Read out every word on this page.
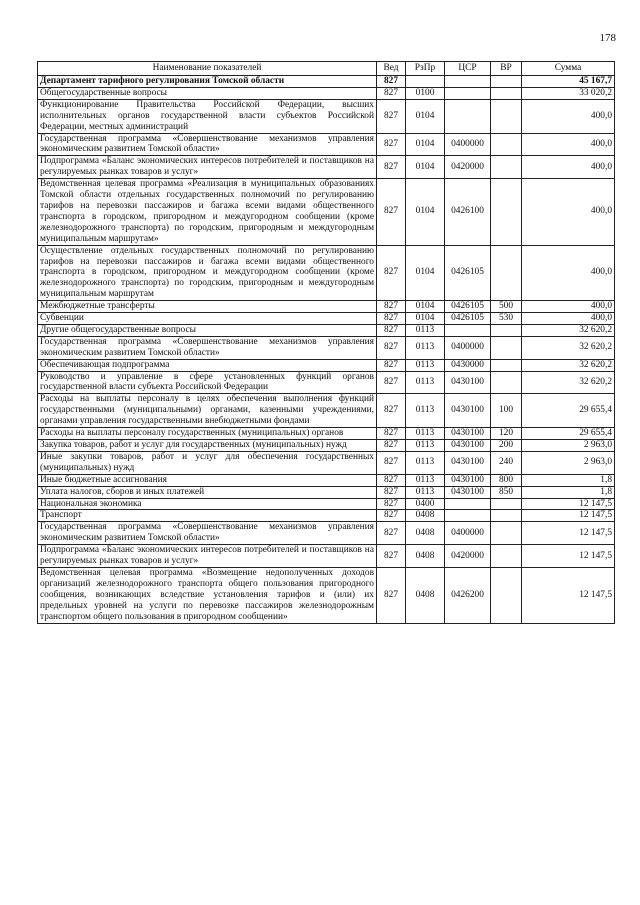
178
Наименование показателей	Вед	РзПр	ЦСР	ВР	Сумма
Департамент тарифного регулирования Томской области	827				45 167,7
Общегосударственные вопросы	827	0100			33 020,2
Функционирование Правительства Российской Федерации, высших исполнительных органов государственной власти субъектов Российской Федерации, местных администраций	827	0104			400,0
Государственная программа «Совершенствование механизмов управления экономическим развитием Томской области»	827	0104	0400000		400,0
Подпрограмма «Баланс экономических интересов потребителей и поставщиков на регулируемых рынках товаров и услуг»	827	0104	0420000		400,0
Ведомственная целевая программа «Реализация в муниципальных образованиях Томской области отдельных государственных полномочий по регулированию тарифов на перевозки пассажиров и багажа всеми видами общественного транспорта в городском, пригородном и междугородном сообщении (кроме железнодорожного транспорта) по городским, пригородным и междугородным муниципальным маршрутам»	827	0104	0426100		400,0
Осуществление отдельных государственных полномочий по регулированию тарифов на перевозки пассажиров и багажа всеми видами общественного транспорта в городском, пригородном и междугородном сообщении (кроме железнодорожного транспорта) по городским, пригородным и междугородным муниципальным маршрутам	827	0104	0426105		400,0
Межбюджетные трансферты	827	0104	0426105	500	400,0
Субвенции	827	0104	0426105	530	400,0
Другие общегосударственные вопросы	827	0113			32 620,2
Государственная программа «Совершенствование механизмов управления экономическим развитием Томской области»	827	0113	0400000		32 620,2
Обеспечивающая подпрограмма	827	0113	0430000		32 620,2
Руководство и управление в сфере установленных функций органов государственной власти субъекта Российской Федерации	827	0113	0430100		32 620,2
Расходы на выплаты персоналу в целях обеспечения выполнения функций государственными (муниципальными) органами, казенными учреждениями, органами управления государственными внебюджетными фондами	827	0113	0430100	100	29 655,4
Расходы на выплаты персоналу государственных (муниципальных) органов	827	0113	0430100	120	29 655,4
Закупка товаров, работ и услуг для государственных (муниципальных) нужд	827	0113	0430100	200	2 963,0
Иные закупки товаров, работ и услуг для обеспечения государственных (муниципальных) нужд	827	0113	0430100	240	2 963,0
Иные бюджетные ассигнования	827	0113	0430100	800	1,8
Уплата налогов, сборов и иных платежей	827	0113	0430100	850	1,8
Национальная экономика	827	0400			12 147,5
Транспорт	827	0408			12 147,5
Государственная программа «Совершенствование механизмов управления экономическим развитием Томской области»	827	0408	0400000		12 147,5
Подпрограмма «Баланс экономических интересов потребителей и поставщиков на регулируемых рынках товаров и услуг»	827	0408	0420000		12 147,5
Ведомственная целевая программа «Возмещение недополученных доходов организаций железнодорожного транспорта общего пользования пригородного сообщения, возникающих вследствие установления тарифов и (или) их предельных уровней на услуги по перевозке пассажиров железнодорожным транспортом общего пользования в пригородном сообщении»	827	0408	0426200		12 147,5
